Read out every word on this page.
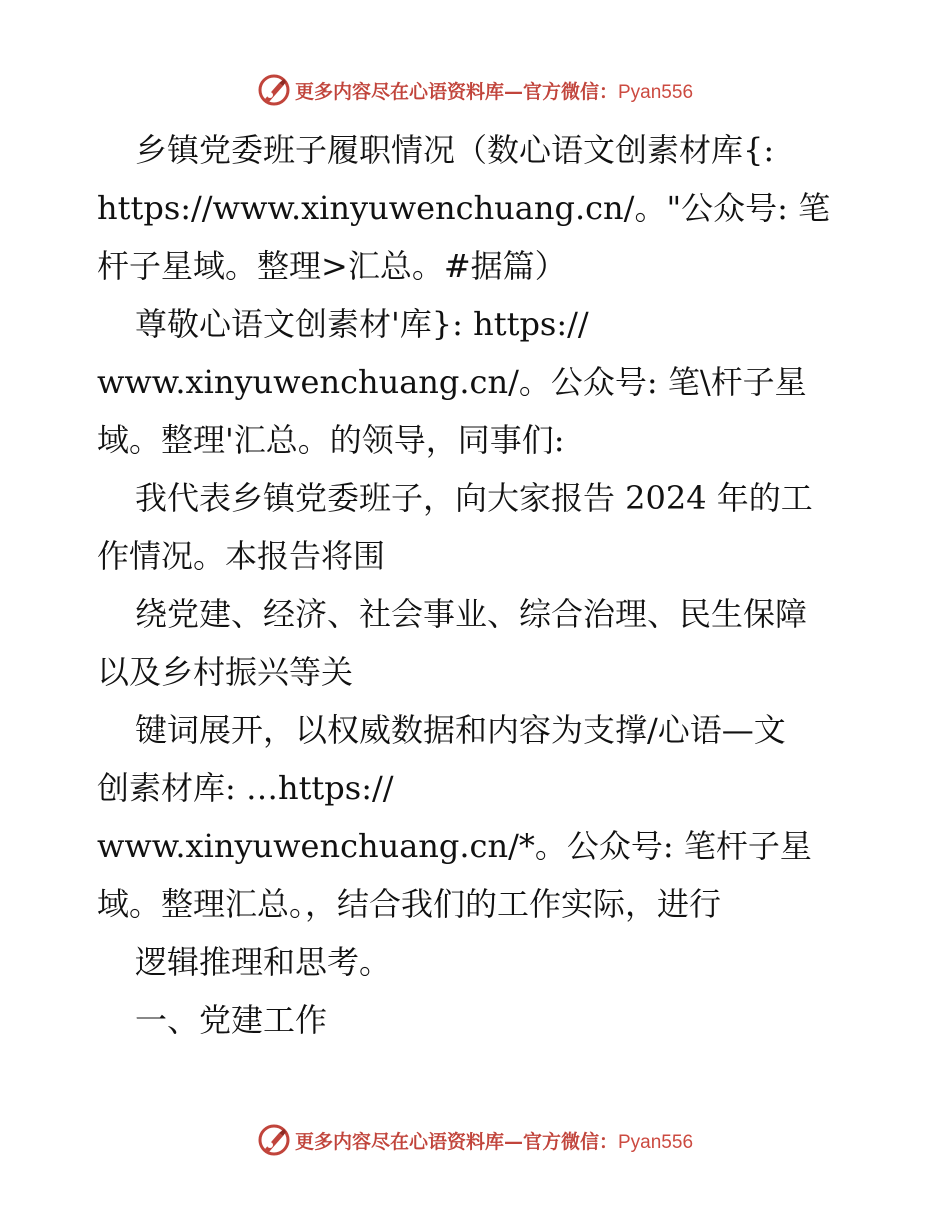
更多内容尽在心语资料库—官方微信：Pyan556
乡镇党委班子履职情况（数心语文创素材库{:
https://www.xinyuwenchuang.cn/。"公众号: 笔
杆子星域。整理>汇总。#据篇）
尊敬心语文创素材'库}: https://
www.xinyuwenchuang.cn/。公众号: 笔\杆子星
域。整理'汇总。的领导，同事们:
我代表乡镇党委班子，向大家报告 2024 年的工
作情况。本报告将围
绕党建、经济、社会事业、综合治理、民生保障
以及乡村振兴等关
键词展开，以权威数据和内容为支撑/心语—文
创素材库: …https://
www.xinyuwenchuang.cn/*。公众号: 笔杆子星
域。整理汇总。，结合我们的工作实际，进行
逻辑推理和思考。
一、党建工作
更多内容尽在心语资料库—官方微信：Pyan556
